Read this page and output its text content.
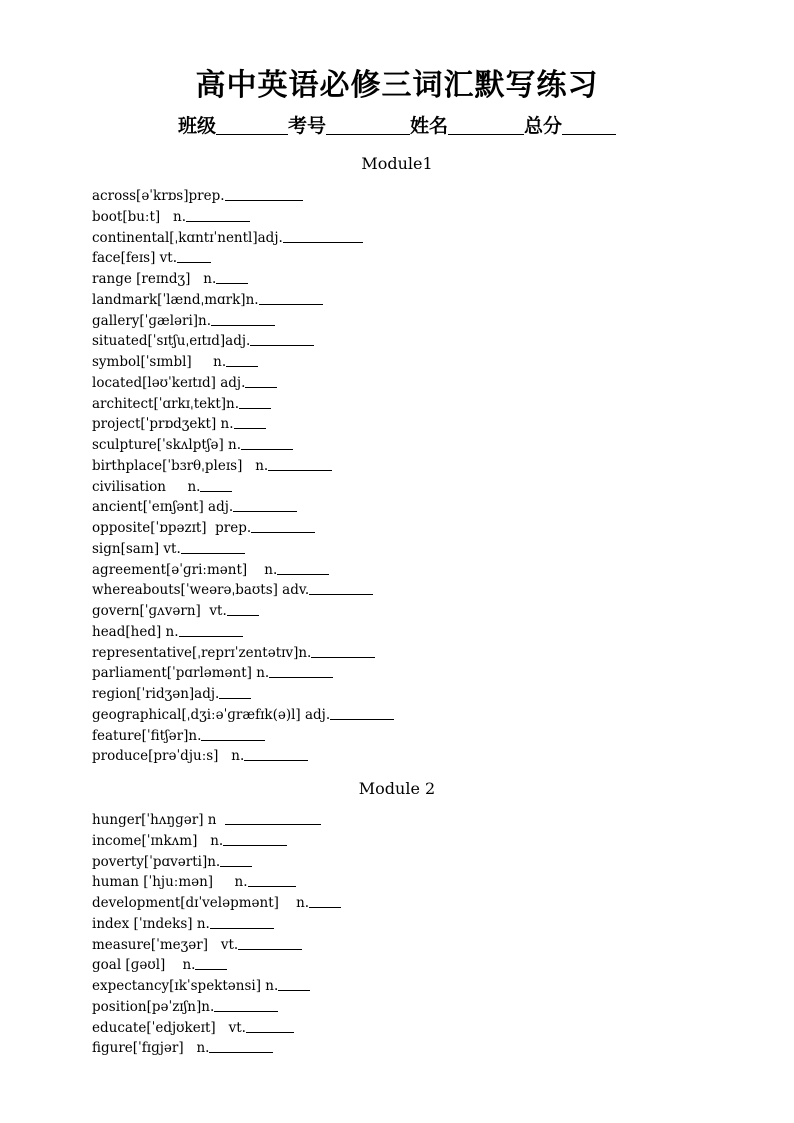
高中英语必修三词汇默写练习
班级	考号	姓名	总分
Module1
across[əˈkrɒs]prep.
boot[buːt]   n.
continental[ˌkɑntɪˈnentl]adj.
face[feɪs] vt.
range [reɪndʒ]   n.
landmark[ˈlændˌmɑrk]n.
gallery[ˈɡæləri]n.
situated[ˈsɪtʃuˌeɪtɪd]adj.
symbol[ˈsɪmbl]     n.
located[ləʊˈkeɪtɪd] adj.
architect[ˈɑrkɪˌtekt]n.
project[ˈprɒdʒekt] n.
sculpture[ˈskʌlptʃə] n.
birthplace[ˈbɜrθˌpleɪs]   n.
civilisation     n.
ancient[ˈeɪnʃənt] adj.
opposite[ˈɒpəzɪt]  prep.
sign[saɪn] vt.
agreement[əˈɡriːmənt]    n.
whereabouts[ˈweərəˌbaʊts] adv.
govern[ˈɡʌvərn]  vt.
head[hed] n.
representative[ˌreprɪˈzentətɪv]n.
parliament[ˈpɑrləmənt] n.
region[ˈridʒən]adj.
geographical[ˌdʒiːəˈɡræfɪk(ə)l] adj.
feature[ˈfitʃər]n.
produce[prəˈdjuːs]   n.
Module 2
hunger[ˈhʌŋɡər] n
income[ˈɪnkʌm]   n.
poverty[ˈpɑvərti]n.
human [ˈhjuːmən]     n.
development[dɪˈveləpmənt]    n.
index [ˈɪndeks] n.
measure[ˈmeʒər]   vt.
goal [ɡəʊl]    n.
expectancy[ɪkˈspektənsi] n.
position[pəˈzɪʃn]n.
educate[ˈedjʊkeɪt]   vt.
figure[ˈfɪɡjər]   n.
